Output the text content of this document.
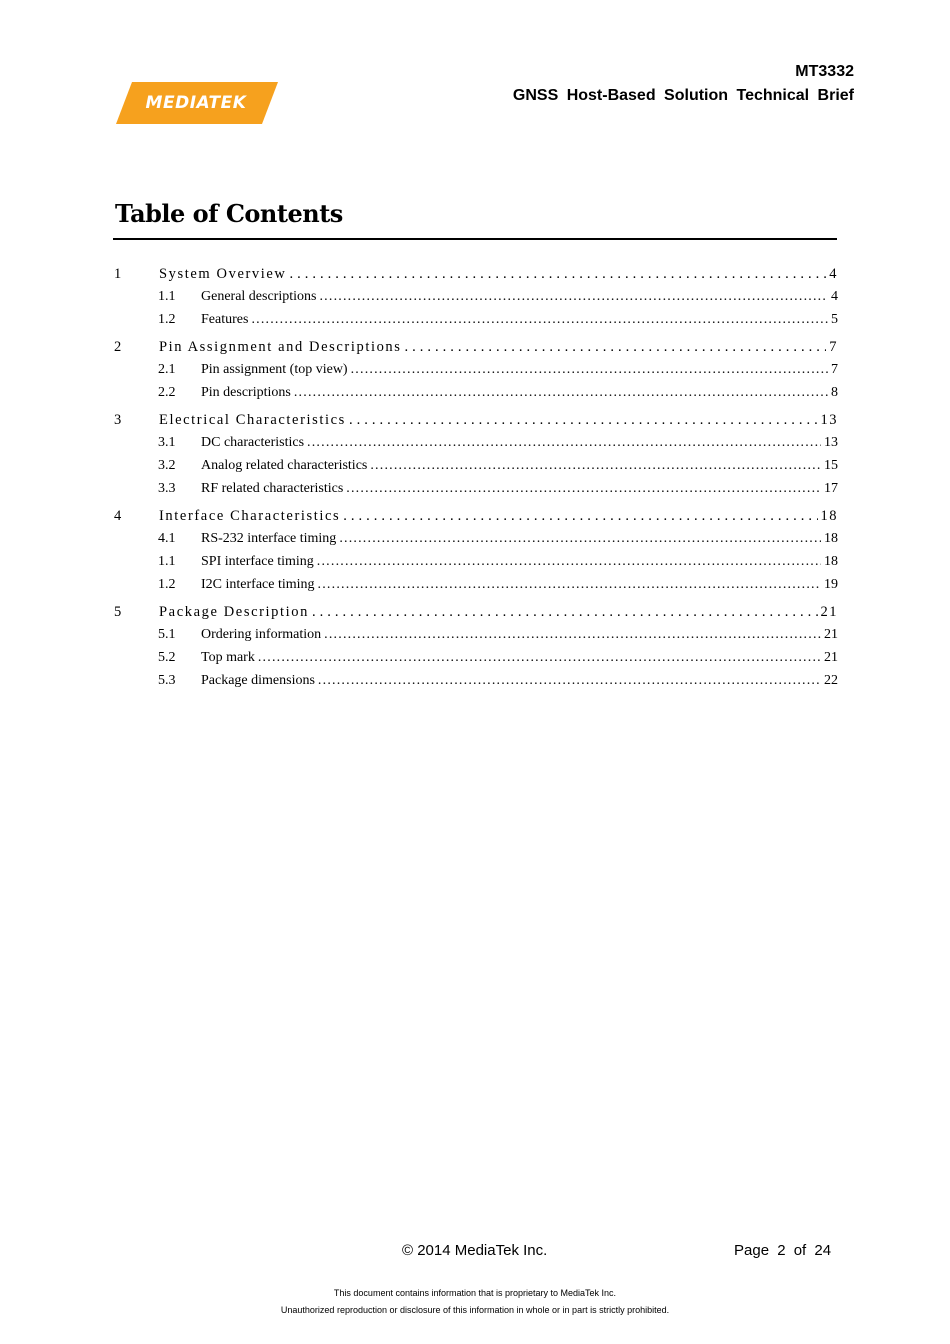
MEDIATEK
MT3332
GNSS Host-Based Solution Technical Brief
Table of Contents
1	System Overview .....	4
1.1	General descriptions .....	4
1.2	Features .....	5
2	Pin Assignment and Descriptions .....	7
2.1	Pin assignment (top view) .....	7
2.2	Pin descriptions .....	8
3	Electrical Characteristics .....	13
3.1	DC characteristics .....	13
3.2	Analog related characteristics .....	15
3.3	RF related characteristics .....	17
4	Interface Characteristics .....	18
4.1	RS-232 interface timing .....	18
1.1	SPI interface timing .....	18
1.2	I2C interface timing .....	19
5	Package Description .....	21
5.1	Ordering information .....	21
5.2	Top mark .....	21
5.3	Package dimensions .....	22
© 2014 MediaTek Inc.	Page 2 of 24
This document contains information that is proprietary to MediaTek Inc.
Unauthorized reproduction or disclosure of this information in whole or in part is strictly prohibited.
